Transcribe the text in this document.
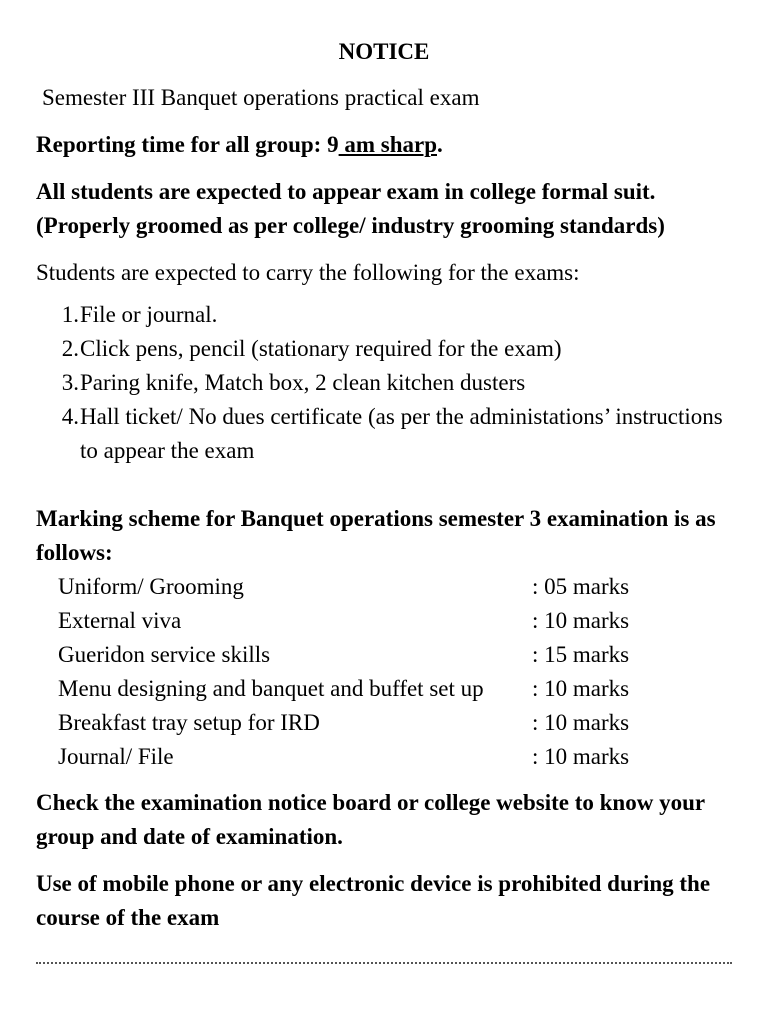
NOTICE
Semester III Banquet operations practical exam
Reporting time for all group: 9 am sharp.
All students are expected to appear exam in college formal suit. (Properly groomed as per college/ industry grooming standards)
Students are expected to carry the following for the exams:
1. File or journal.
2. Click pens, pencil (stationary required for the exam)
3. Paring knife, Match box, 2 clean kitchen dusters
4. Hall ticket/ No dues certificate (as per the administations’ instructions to appear the exam
Marking scheme for Banquet operations semester 3 examination is as follows:
Uniform/ Grooming	: 05 marks
External viva	: 10 marks
Gueridon service skills	: 15 marks
Menu designing and banquet and buffet set up	: 10 marks
Breakfast tray setup for IRD	: 10 marks
Journal/ File	: 10 marks
Check the examination notice board or college website to know your group and date of examination.
Use of mobile phone or any electronic device is prohibited during the course of the exam
